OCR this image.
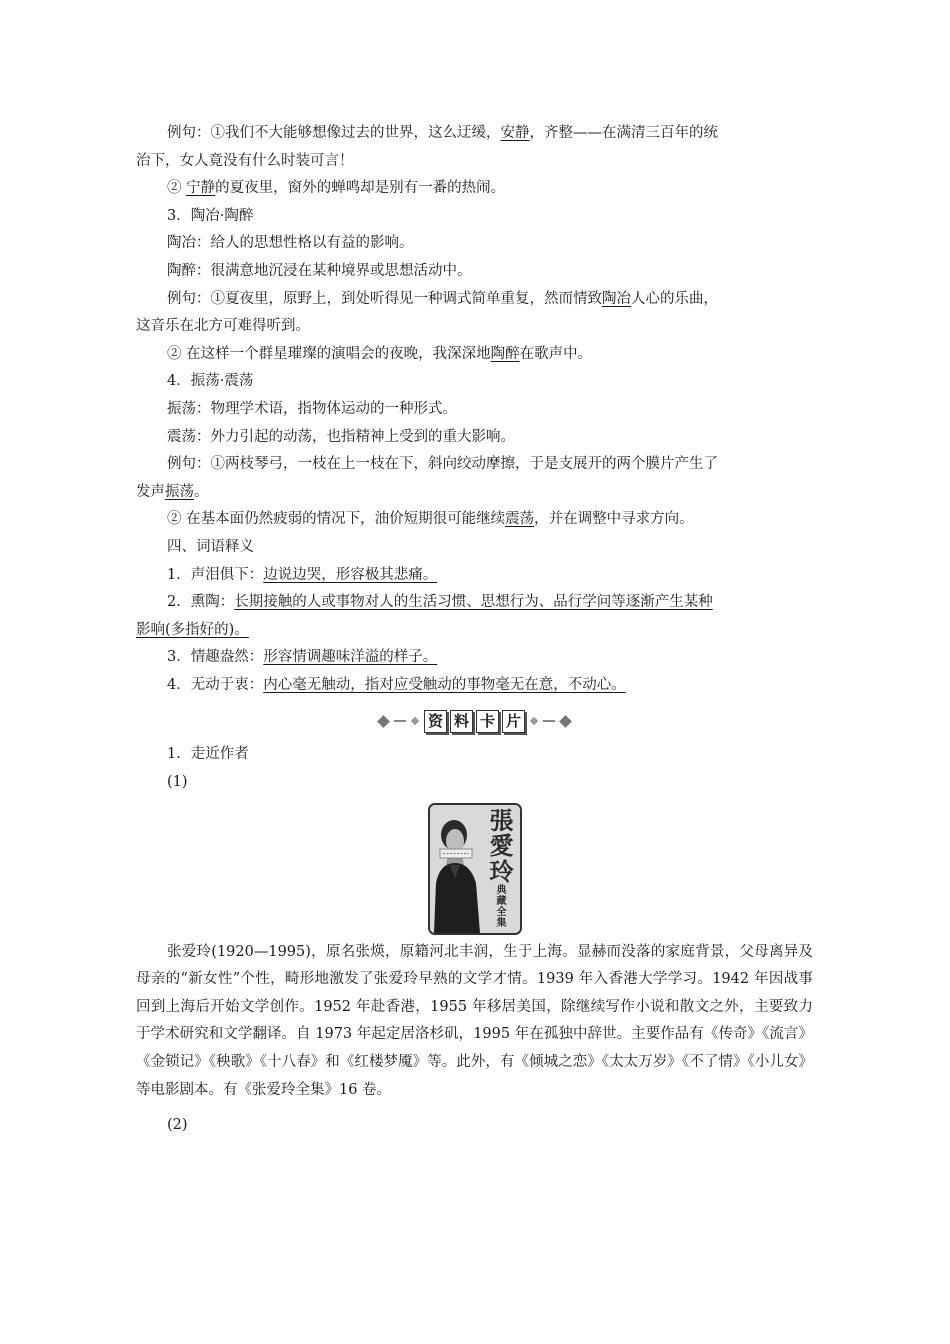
例句：①我们不大能够想像过去的世界，这么迂缓，安静，齐整——在满清三百年的统
治下，女人竟没有什么时装可言！
② 宁静的夏夜里，窗外的蝉鸣却是别有一番的热闹。
3．陶冶·陶醉
陶冶：给人的思想性格以有益的影响。
陶醉：很满意地沉浸在某种境界或思想活动中。
例句：①夏夜里，原野上，到处听得见一种调式简单重复，然而情致陶冶人心的乐曲，
这音乐在北方可难得听到。
② 在这样一个群星璀璨的演唱会的夜晚，我深深地陶醉在歌声中。
4．振荡·震荡
振荡：物理学术语，指物体运动的一种形式。
震荡：外力引起的动荡，也指精神上受到的重大影响。
例句：①两枝琴弓，一枝在上一枝在下，斜向绞动摩擦，于是支展开的两个膜片产生了
发声振荡。
② 在基本面仍然疲弱的情况下，油价短期很可能继续震荡，并在调整中寻求方向。
四、词语释义
1．声泪俱下：边说边哭，形容极其悲痛。
2．熏陶：长期接触的人或事物对人的生活习惯、思想行为、品行学问等逐渐产生某种
影响(多指好的)。
3．情趣盎然：形容情调趣味洋溢的样子。
4．无动于衷：内心毫无触动，指对应受触动的事物毫无在意，不动心。
资 料 卡 片
1．走近作者
(1)
張
愛
玲
典
藏
全
集
张爱玲(1920—1995)，原名张煐，原籍河北丰润，生于上海。显赫而没落的家庭背景，父母离异及母亲的“新女性”个性，畸形地激发了张爱玲早熟的文学才情。1939 年入香港大学学习。1942 年因战事回到上海后开始文学创作。1952 年赴香港，1955 年移居美国，除继续写作小说和散文之外，主要致力于学术研究和文学翻译。自 1973 年起定居洛杉矶，1995 年在孤独中辞世。主要作品有《传奇》《流言》《金锁记》《秧歌》《十八春》和《红楼梦魇》等。此外，有《倾城之恋》《太太万岁》《不了情》《小儿女》等电影剧本。有《张爱玲全集》16 卷。
(2)
